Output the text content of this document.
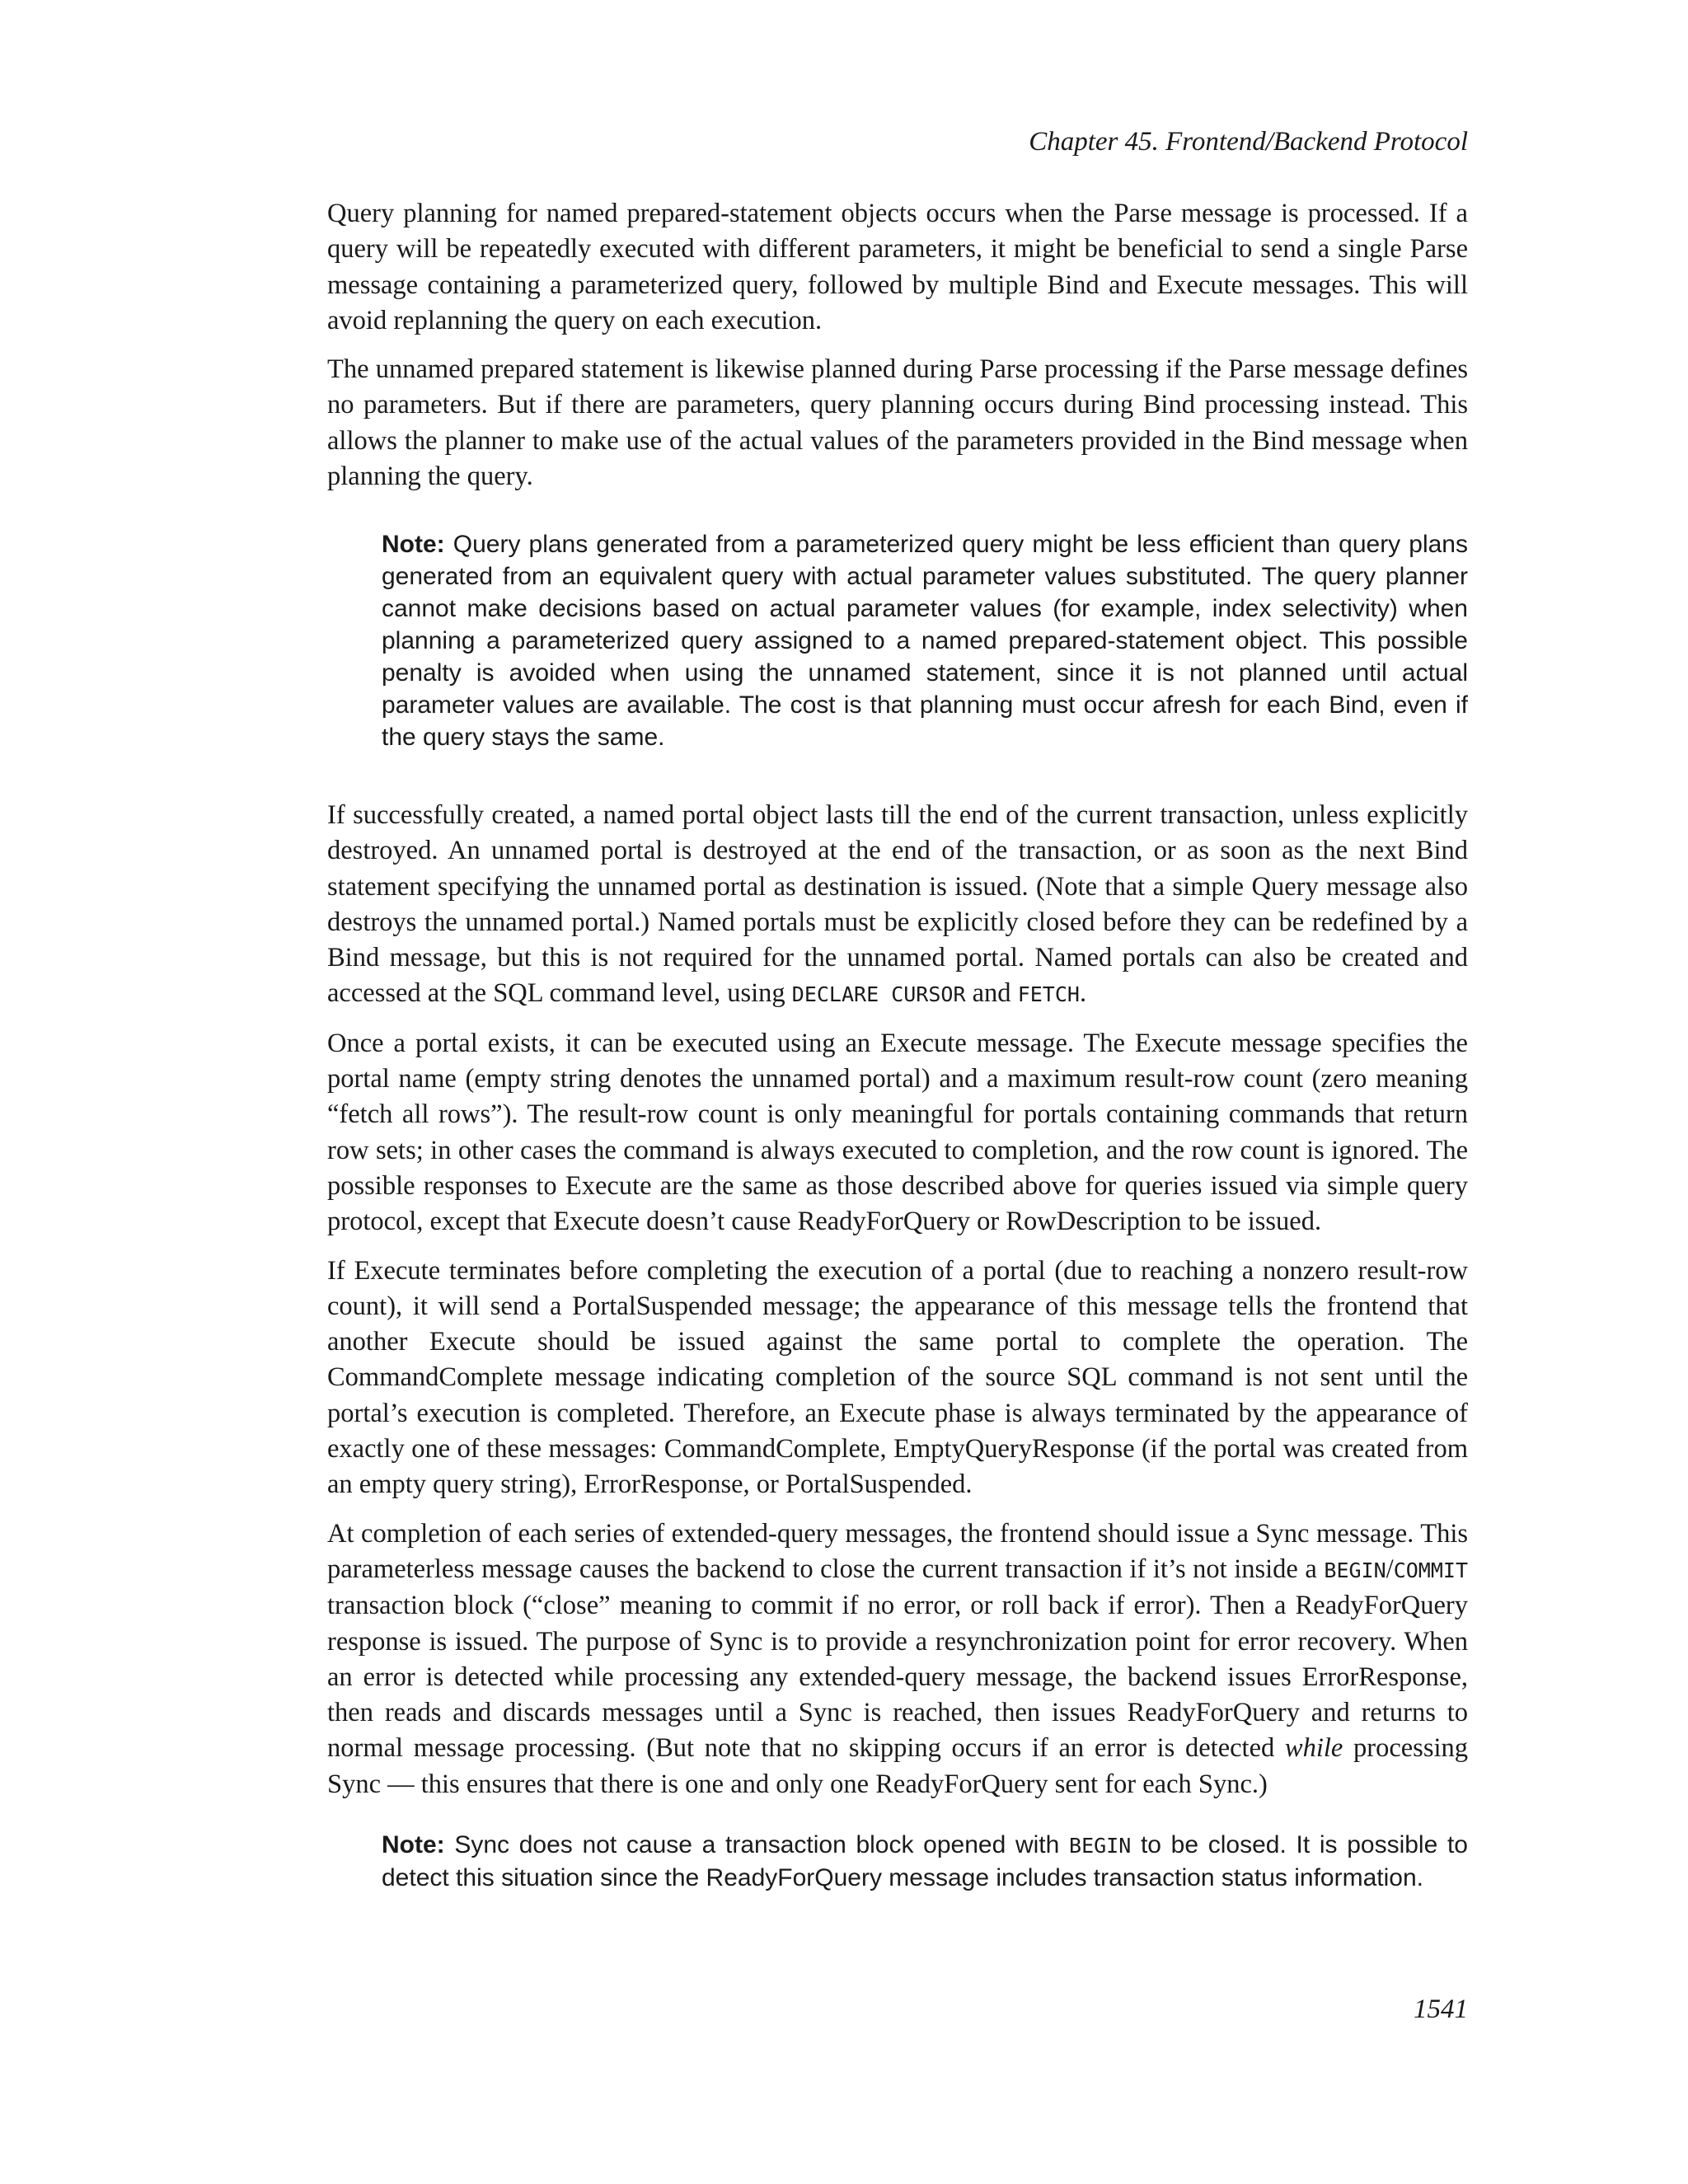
Chapter 45. Frontend/Backend Protocol

Query planning for named prepared-statement objects occurs when the Parse message is processed. If a query will be repeatedly executed with different parameters, it might be beneficial to send a single Parse message containing a parameterized query, followed by multiple Bind and Execute messages. This will avoid replanning the query on each execution.

The unnamed prepared statement is likewise planned during Parse processing if the Parse message defines no parameters. But if there are parameters, query planning occurs during Bind processing instead. This allows the planner to make use of the actual values of the parameters provided in the Bind message when planning the query.

Note: Query plans generated from a parameterized query might be less efficient than query plans generated from an equivalent query with actual parameter values substituted. The query planner cannot make decisions based on actual parameter values (for example, index selectivity) when planning a parameterized query assigned to a named prepared-statement object. This possible penalty is avoided when using the unnamed statement, since it is not planned until actual parameter values are available. The cost is that planning must occur afresh for each Bind, even if the query stays the same.

If successfully created, a named portal object lasts till the end of the current transaction, unless explicitly destroyed. An unnamed portal is destroyed at the end of the transaction, or as soon as the next Bind statement specifying the unnamed portal as destination is issued. (Note that a simple Query message also destroys the unnamed portal.) Named portals must be explicitly closed before they can be redefined by a Bind message, but this is not required for the unnamed portal. Named portals can also be created and accessed at the SQL command level, using DECLARE CURSOR and FETCH.

Once a portal exists, it can be executed using an Execute message. The Execute message specifies the portal name (empty string denotes the unnamed portal) and a maximum result-row count (zero meaning “fetch all rows”). The result-row count is only meaningful for portals containing commands that return row sets; in other cases the command is always executed to completion, and the row count is ignored. The possible responses to Execute are the same as those described above for queries issued via simple query protocol, except that Execute doesn’t cause ReadyForQuery or RowDescription to be issued.

If Execute terminates before completing the execution of a portal (due to reaching a nonzero result-row count), it will send a PortalSuspended message; the appearance of this message tells the frontend that another Execute should be issued against the same portal to complete the operation. The CommandComplete message indicating completion of the source SQL command is not sent until the portal’s execution is completed. Therefore, an Execute phase is always terminated by the appearance of exactly one of these messages: CommandComplete, EmptyQueryResponse (if the portal was created from an empty query string), ErrorResponse, or PortalSuspended.

At completion of each series of extended-query messages, the frontend should issue a Sync message. This parameterless message causes the backend to close the current transaction if it’s not inside a BEGIN/COMMIT transaction block (“close” meaning to commit if no error, or roll back if error). Then a ReadyForQuery response is issued. The purpose of Sync is to provide a resynchronization point for error recovery. When an error is detected while processing any extended-query message, the backend issues ErrorResponse, then reads and discards messages until a Sync is reached, then issues ReadyForQuery and returns to normal message processing. (But note that no skipping occurs if an error is detected while processing Sync — this ensures that there is one and only one ReadyForQuery sent for each Sync.)

Note: Sync does not cause a transaction block opened with BEGIN to be closed. It is possible to detect this situation since the ReadyForQuery message includes transaction status information.

1541
